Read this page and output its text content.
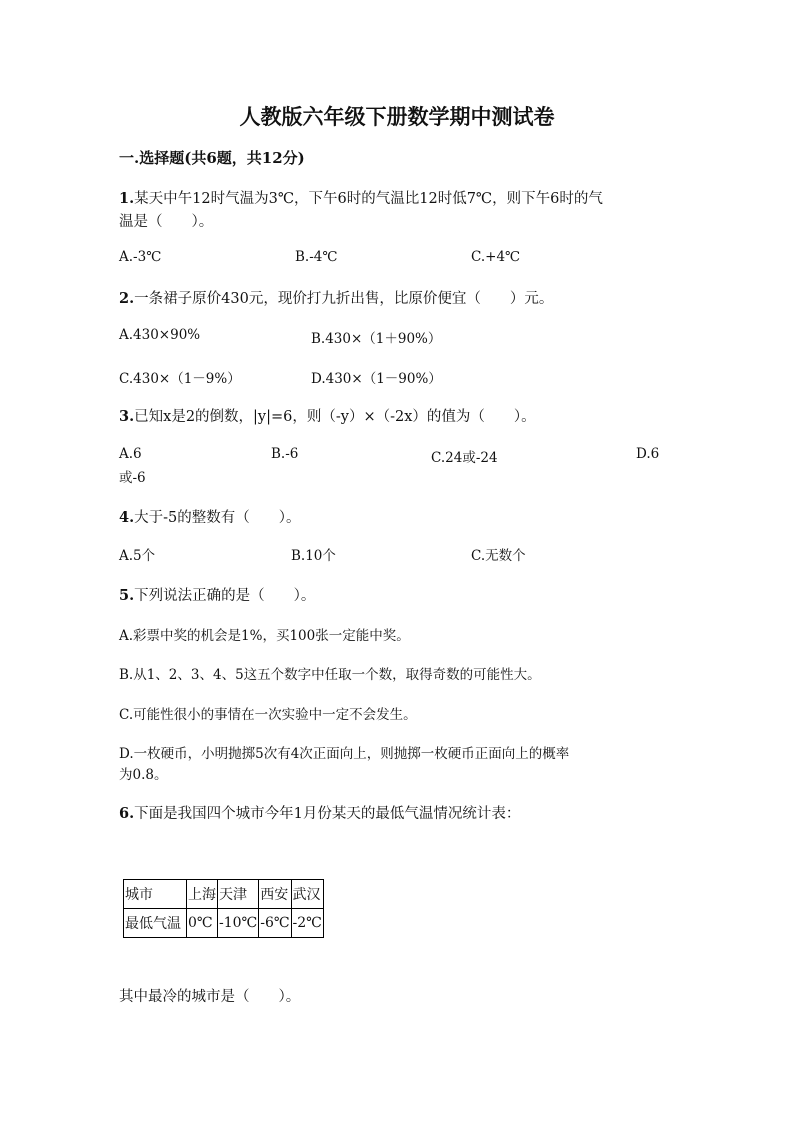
人教版六年级下册数学期中测试卷
一.选择题(共6题，共12分)
1.某天中午12时气温为3℃，下午6时的气温比12时低7℃，则下午6时的气
温是（　　）。
A.-3℃	B.-4℃	C.+4℃
2.一条裙子原价430元，现价打九折出售，比原价便宜（　　）元。
A.430×90%	B.430×（1＋90%）
C.430×（1－9%）	D.430×（1－90%）
3.已知x是2的倒数，|y|=6，则（-y）×（-2x）的值为（　　）。
A.6	B.-6	C.24或-24	D.6
或-6
4.大于-5的整数有（　　）。
A.5个	B.10个	C.无数个
5.下列说法正确的是（　　）。
A.彩票中奖的机会是1%，买100张一定能中奖。
B.从1、2、3、4、5这五个数字中任取一个数，取得奇数的可能性大。
C.可能性很小的事情在一次实验中一定不会发生。
D.一枚硬币，小明抛掷5次有4次正面向上，则抛掷一枚硬币正面向上的概率
为0.8。
6.下面是我国四个城市今年1月份某天的最低气温情况统计表：
城市	上海	天津	西安	武汉
最低气温	0℃	-10℃	-6℃	-2℃
其中最冷的城市是（　　）。
